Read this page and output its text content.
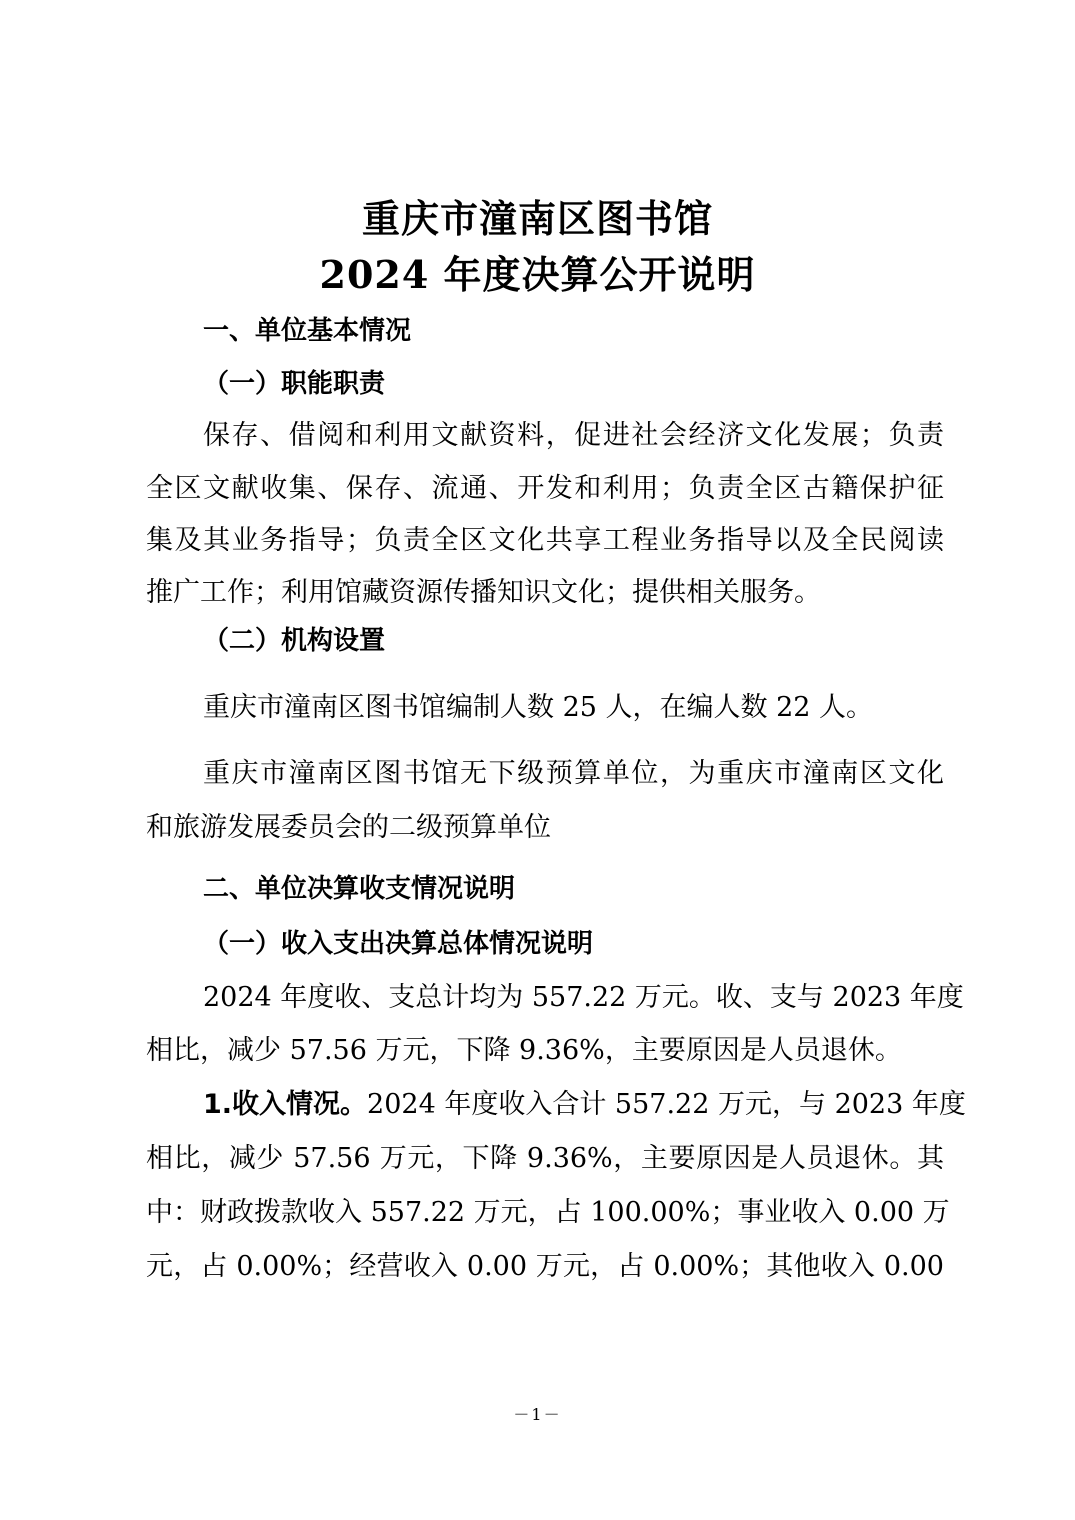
重庆市潼南区图书馆
2024 年度决算公开说明
一、单位基本情况
（一）职能职责
保存、借阅和利用文献资料，促进社会经济文化发展；负责
全区文献收集、保存、流通、开发和利用；负责全区古籍保护征
集及其业务指导；负责全区文化共享工程业务指导以及全民阅读
推广工作；利用馆藏资源传播知识文化；提供相关服务。
（二）机构设置
重庆市潼南区图书馆编制人数 25 人，在编人数 22 人。
重庆市潼南区图书馆无下级预算单位，为重庆市潼南区文化
和旅游发展委员会的二级预算单位
二、单位决算收支情况说明
（一）收入支出决算总体情况说明
2024 年度收、支总计均为 557.22 万元。收、支与 2023 年度
相比，减少 57.56 万元，下降 9.36%，主要原因是人员退休。
1.收入情况。2024 年度收入合计 557.22 万元，与 2023 年度
相比，减少 57.56 万元，下降 9.36%，主要原因是人员退休。其
中：财政拨款收入 557.22 万元，占 100.00%；事业收入 0.00 万
元，占 0.00%；经营收入 0.00 万元，占 0.00%；其他收入 0.00
－1－
